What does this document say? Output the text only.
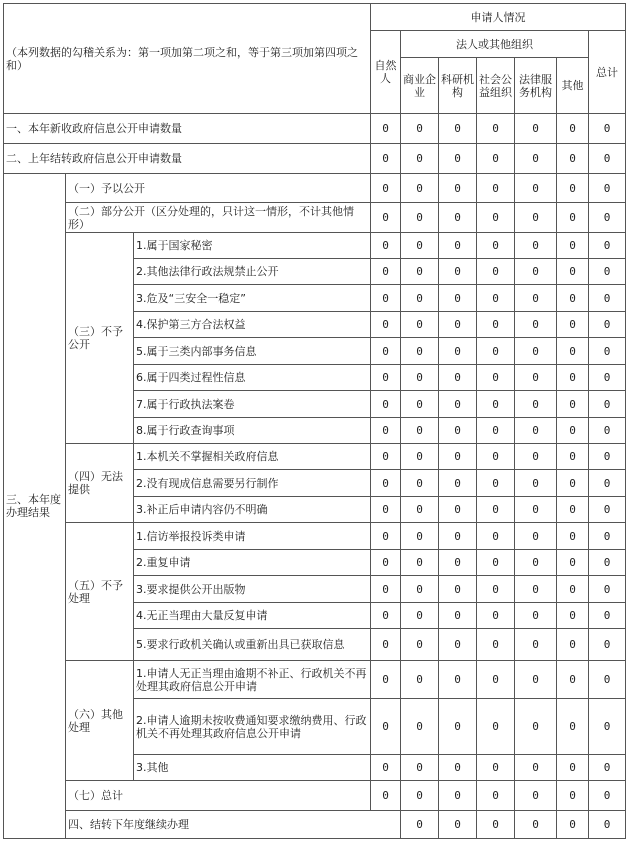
（本列数据的勾稽关系为：第一项加第二项之和，等于第三项加第四项之和）			申请人情况							
			自然人	法人或其他组织					总计	
				商业企业	科研机构	社会公益组织	法律服务机构	其他		
一、本年新收政府信息公开申请数量			0	0	0	0	0	0	0	
二、上年结转政府信息公开申请数量			0	0	0	0	0	0	0	
三、本年度办理结果	（一）予以公开		0	0	0	0	0	0	0	
	（二）部分公开（区分处理的，只计这一情形，不计其他情形）		0	0	0	0	0	0	0	
	（三）不予公开	1.属于国家秘密	0	0	0	0	0	0	0	
		2.其他法律行政法规禁止公开	0	0	0	0	0	0	0	
		3.危及“三安全一稳定”	0	0	0	0	0	0	0	
		4.保护第三方合法权益	0	0	0	0	0	0	0	
		5.属于三类内部事务信息	0	0	0	0	0	0	0	
		6.属于四类过程性信息	0	0	0	0	0	0	0	
		7.属于行政执法案卷	0	0	0	0	0	0	0	
		8.属于行政查询事项	0	0	0	0	0	0	0	
	（四）无法提供	1.本机关不掌握相关政府信息	0	0	0	0	0	0	0	
		2.没有现成信息需要另行制作	0	0	0	0	0	0	0	
		3.补正后申请内容仍不明确	0	0	0	0	0	0	0	
	（五）不予处理	1.信访举报投诉类申请	0	0	0	0	0	0	0	
		2.重复申请	0	0	0	0	0	0	0	
		3.要求提供公开出版物	0	0	0	0	0	0	0	
		4.无正当理由大量反复申请	0	0	0	0	0	0	0	
		5.要求行政机关确认或重新出具已获取信息	0	0	0	0	0	0	0	
	（六）其他处理	1.申请人无正当理由逾期不补正、行政机关不再处理其政府信息公开申请	0	0	0	0	0	0	0	
		2.申请人逾期未按收费通知要求缴纳费用、行政机关不再处理其政府信息公开申请	0	0	0	0	0	0	0	
		3.其他	0	0	0	0	0	0	0	
	（七）总计		0	0	0	0	0	0	0	
	四、结转下年度继续办理			0	0	0	0	0	0	
